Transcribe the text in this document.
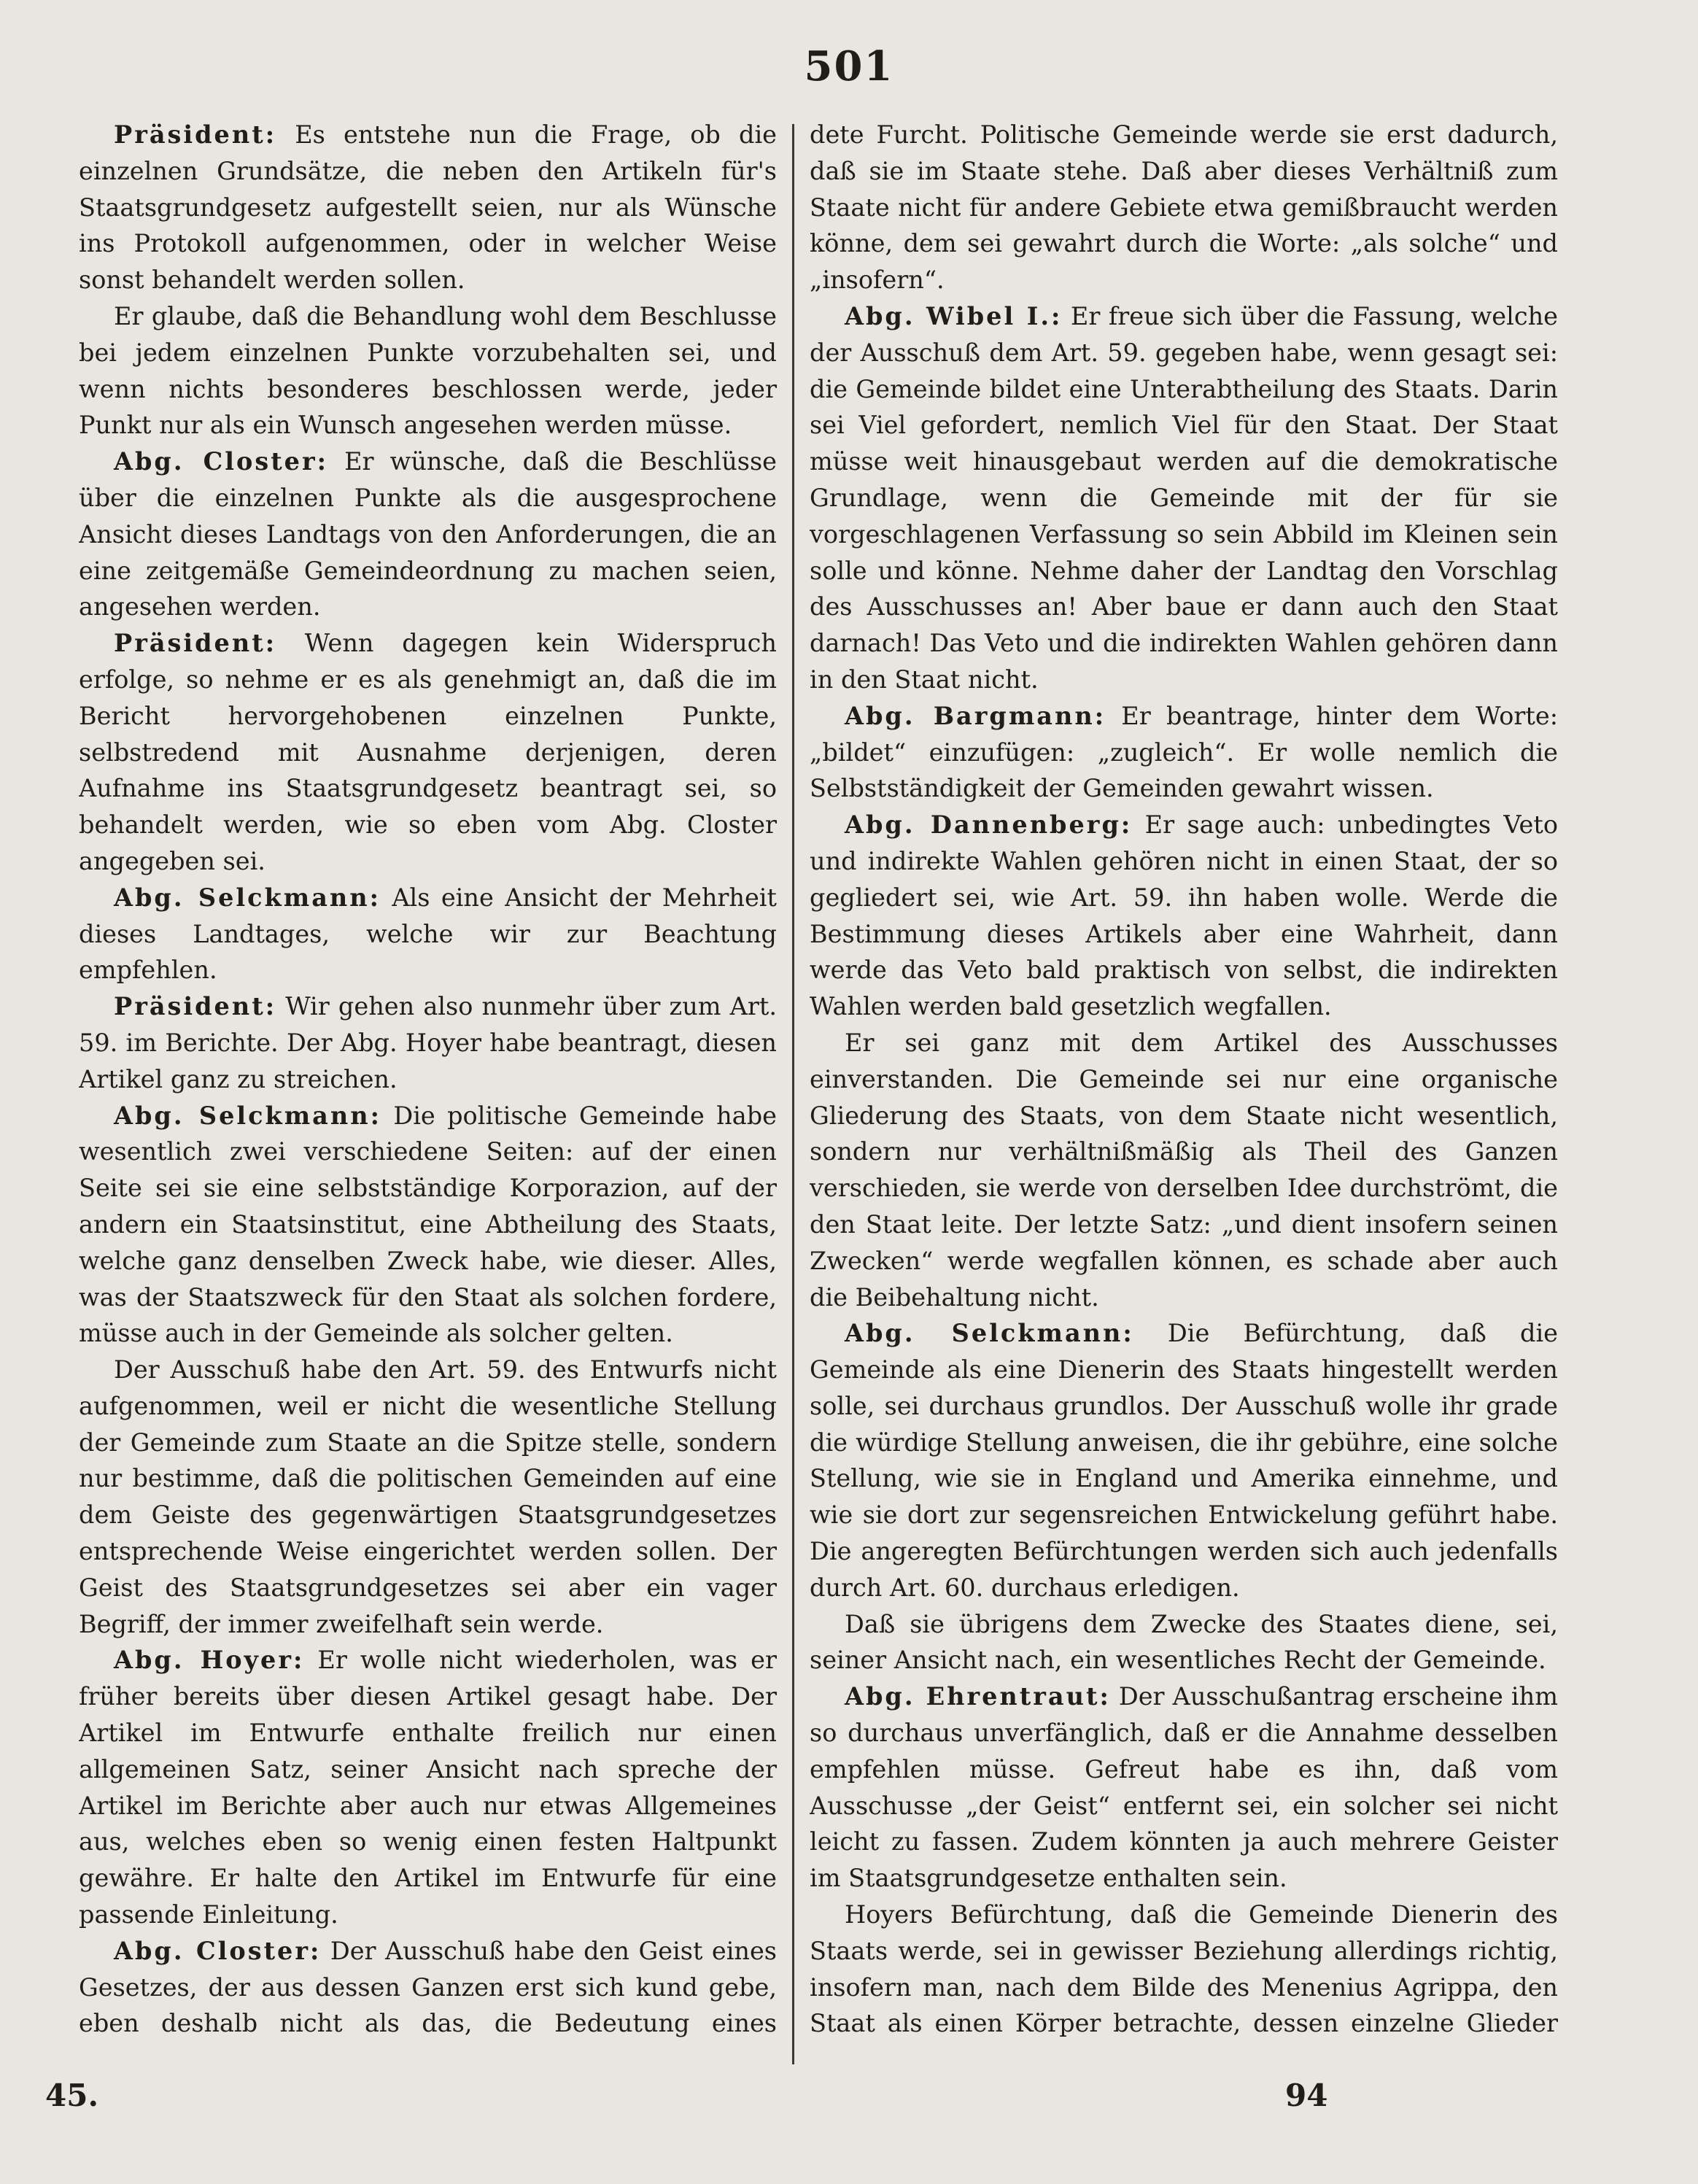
501

Präsident: Es entstehe nun die Frage, ob die einzelnen Grundsätze, die neben den Artikeln für's Staatsgrundgesetz aufgestellt seien, nur als Wünsche ins Protokoll aufgenommen, oder in welcher Weise sonst behandelt werden sollen.

Er glaube, daß die Behandlung wohl dem Beschlusse bei jedem einzelnen Punkte vorzubehalten sei, und wenn nichts besonderes beschlossen werde, jeder Punkt nur als ein Wunsch angesehen werden müsse.

Abg. Closter: Er wünsche, daß die Beschlüsse über die einzelnen Punkte als die ausgesprochene Ansicht dieses Landtags von den Anforderungen, die an eine zeitgemäße Gemeindeordnung zu machen seien, angesehen werden.

Präsident: Wenn dagegen kein Widerspruch erfolge, so nehme er es als genehmigt an, daß die im Bericht hervorgehobenen einzelnen Punkte, selbstredend mit Ausnahme derjenigen, deren Aufnahme ins Staatsgrundgesetz beantragt sei, so behandelt werden, wie so eben vom Abg. Closter angegeben sei.

Abg. Selckmann: Als eine Ansicht der Mehrheit dieses Landtages, welche wir zur Beachtung empfehlen.

Präsident: Wir gehen also nunmehr über zum Art. 59. im Berichte. Der Abg. Hoyer habe beantragt, diesen Artikel ganz zu streichen.

Abg. Selckmann: Die politische Gemeinde habe wesentlich zwei verschiedene Seiten: auf der einen Seite sei sie eine selbstständige Korporazion, auf der andern ein Staatsinstitut, eine Abtheilung des Staats, welche ganz denselben Zweck habe, wie dieser. Alles, was der Staatszweck für den Staat als solchen fordere, müsse auch in der Gemeinde als solcher gelten.

Der Ausschuß habe den Art. 59. des Entwurfs nicht aufgenommen, weil er nicht die wesentliche Stellung der Gemeinde zum Staate an die Spitze stelle, sondern nur bestimme, daß die politischen Gemeinden auf eine dem Geiste des gegenwärtigen Staatsgrundgesetzes entsprechende Weise eingerichtet werden sollen. Der Geist des Staatsgrundgesetzes sei aber ein vager Begriff, der immer zweifelhaft sein werde.

Abg. Hoyer: Er wolle nicht wiederholen, was er früher bereits über diesen Artikel gesagt habe. Der Artikel im Entwurfe enthalte freilich nur einen allgemeinen Satz, seiner Ansicht nach spreche der Artikel im Berichte aber auch nur etwas Allgemeines aus, welches eben so wenig einen festen Haltpunkt gewähre. Er halte den Artikel im Entwurfe für eine passende Einleitung.

Abg. Closter: Der Ausschuß habe den Geist eines Gesetzes, der aus dessen Ganzen erst sich kund gebe, eben deshalb nicht als das, die Bedeutung eines

dete Furcht. Politische Gemeinde werde sie erst dadurch, daß sie im Staate stehe. Daß aber dieses Verhältniß zum Staate nicht für andere Gebiete etwa gemißbraucht werden könne, dem sei gewahrt durch die Worte: „als solche“ und „insofern“.

Abg. Wibel I.: Er freue sich über die Fassung, welche der Ausschuß dem Art. 59. gegeben habe, wenn gesagt sei: die Gemeinde bildet eine Unterabtheilung des Staats. Darin sei Viel gefordert, nemlich Viel für den Staat. Der Staat müsse weit hinausgebaut werden auf die demokratische Grundlage, wenn die Gemeinde mit der für sie vorgeschlagenen Verfassung so sein Abbild im Kleinen sein solle und könne. Nehme daher der Landtag den Vorschlag des Ausschusses an! Aber baue er dann auch den Staat darnach! Das Veto und die indirekten Wahlen gehören dann in den Staat nicht.

Abg. Bargmann: Er beantrage, hinter dem Worte: „bildet“ einzufügen: „zugleich“. Er wolle nemlich die Selbstständigkeit der Gemeinden gewahrt wissen.

Abg. Dannenberg: Er sage auch: unbedingtes Veto und indirekte Wahlen gehören nicht in einen Staat, der so gegliedert sei, wie Art. 59. ihn haben wolle. Werde die Bestimmung dieses Artikels aber eine Wahrheit, dann werde das Veto bald praktisch von selbst, die indirekten Wahlen werden bald gesetzlich wegfallen.

Er sei ganz mit dem Artikel des Ausschusses einverstanden. Die Gemeinde sei nur eine organische Gliederung des Staats, von dem Staate nicht wesentlich, sondern nur verhältnißmäßig als Theil des Ganzen verschieden, sie werde von derselben Idee durchströmt, die den Staat leite. Der letzte Satz: „und dient insofern seinen Zwecken“ werde wegfallen können, es schade aber auch die Beibehaltung nicht.

Abg. Selckmann: Die Befürchtung, daß die Gemeinde als eine Dienerin des Staats hingestellt werden solle, sei durchaus grundlos. Der Ausschuß wolle ihr grade die würdige Stellung anweisen, die ihr gebühre, eine solche Stellung, wie sie in England und Amerika einnehme, und wie sie dort zur segensreichen Entwickelung geführt habe. Die angeregten Befürchtungen werden sich auch jedenfalls durch Art. 60. durchaus erledigen.

Daß sie übrigens dem Zwecke des Staates diene, sei, seiner Ansicht nach, ein wesentliches Recht der Gemeinde.

Abg. Ehrentraut: Der Ausschußantrag erscheine ihm so durchaus unverfänglich, daß er die Annahme desselben empfehlen müsse. Gefreut habe es ihn, daß vom Ausschusse „der Geist“ entfernt sei, ein solcher sei nicht leicht zu fassen. Zudem könnten ja auch mehrere Geister im Staatsgrundgesetze enthalten sein.

Hoyers Befürchtung, daß die Gemeinde Dienerin des Staats werde, sei in gewisser Beziehung allerdings richtig, insofern man, nach dem Bilde des Menenius Agrippa, den Staat als einen Körper betrachte, dessen einzelne Glieder

45.	94
